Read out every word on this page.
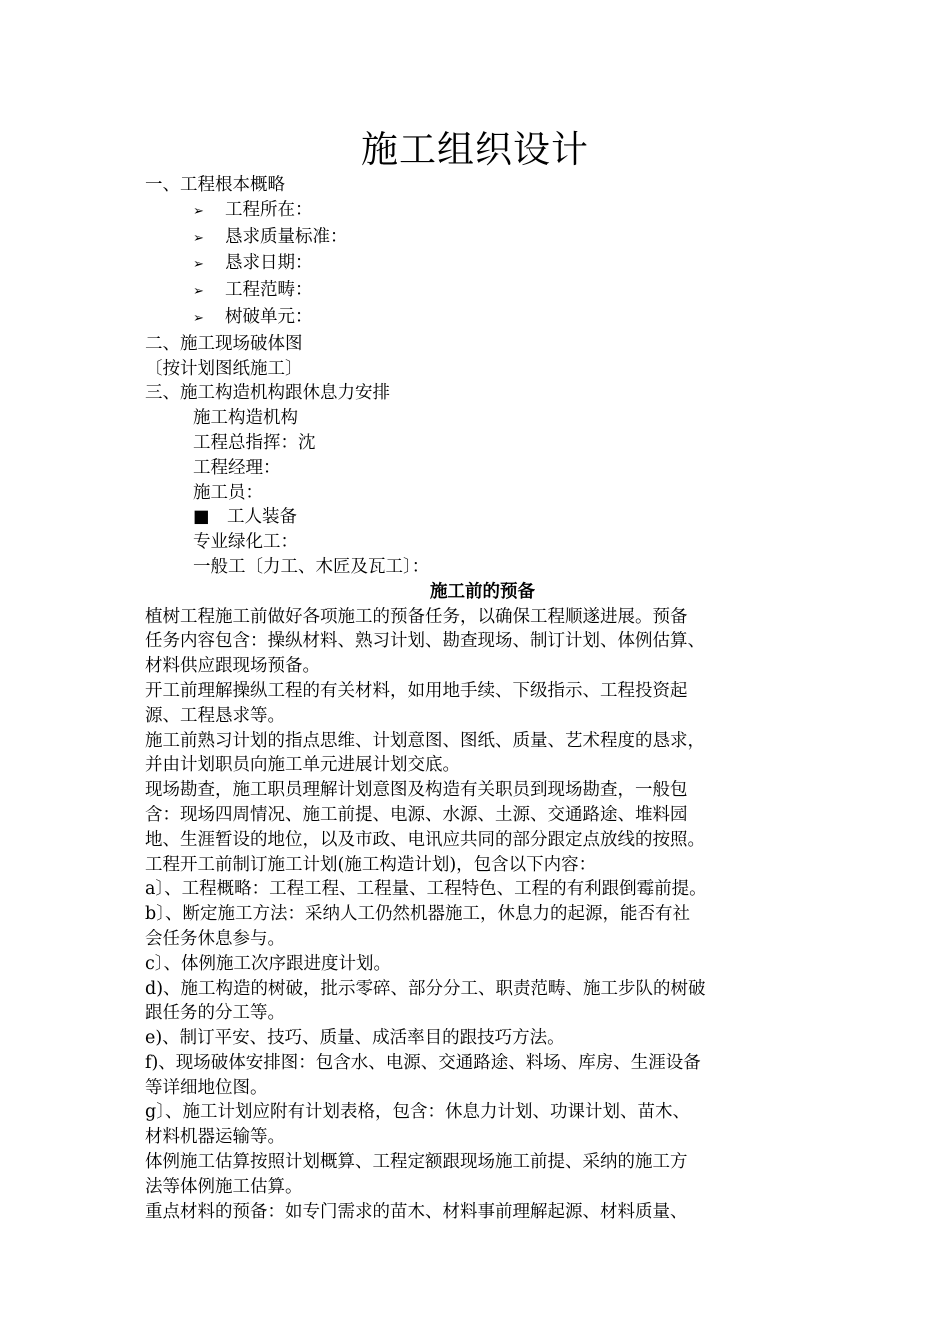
施工组织设计
一、工程根本概略
➢ 工程所在：
➢ 恳求质量标准：
➢ 恳求日期：
➢ 工程范畴：
➢ 树破单元：
二、施工现场破体图
〔按计划图纸施工〕
三、施工构造机构跟休息力安排
施工构造机构
工程总指挥：沈
工程经理：
施工员：
■ 工人装备
专业绿化工：
一般工〔力工、木匠及瓦工〕：
施工前的预备
植树工程施工前做好各项施工的预备任务，以确保工程顺遂进展。预备
任务内容包含：操纵材料、熟习计划、勘查现场、制订计划、体例估算、
材料供应跟现场预备。
开工前理解操纵工程的有关材料，如用地手续、下级指示、工程投资起
源、工程恳求等。
施工前熟习计划的指点思维、计划意图、图纸、质量、艺术程度的恳求，
并由计划职员向施工单元进展计划交底。
现场勘查，施工职员理解计划意图及构造有关职员到现场勘查，一般包
含：现场四周情况、施工前提、电源、水源、土源、交通路途、堆料园
地、生涯暂设的地位，以及市政、电讯应共同的部分跟定点放线的按照。
工程开工前制订施工计划(施工构造计划)，包含以下内容：
a〕、工程概略：工程工程、工程量、工程特色、工程的有利跟倒霉前提。
b〕、断定施工方法：采纳人工仍然机器施工，休息力的起源，能否有社
会任务休息参与。
c〕、体例施工次序跟进度计划。
d)、施工构造的树破，批示零碎、部分分工、职责范畴、施工步队的树破
跟任务的分工等。
e)、制订平安、技巧、质量、成活率目的跟技巧方法。
f)、现场破体安排图：包含水、电源、交通路途、料场、库房、生涯设备
等详细地位图。
g〕、施工计划应附有计划表格，包含：休息力计划、功课计划、苗木、
材料机器运输等。
体例施工估算按照计划概算、工程定额跟现场施工前提、采纳的施工方
法等体例施工估算。
重点材料的预备：如专门需求的苗木、材料事前理解起源、材料质量、
